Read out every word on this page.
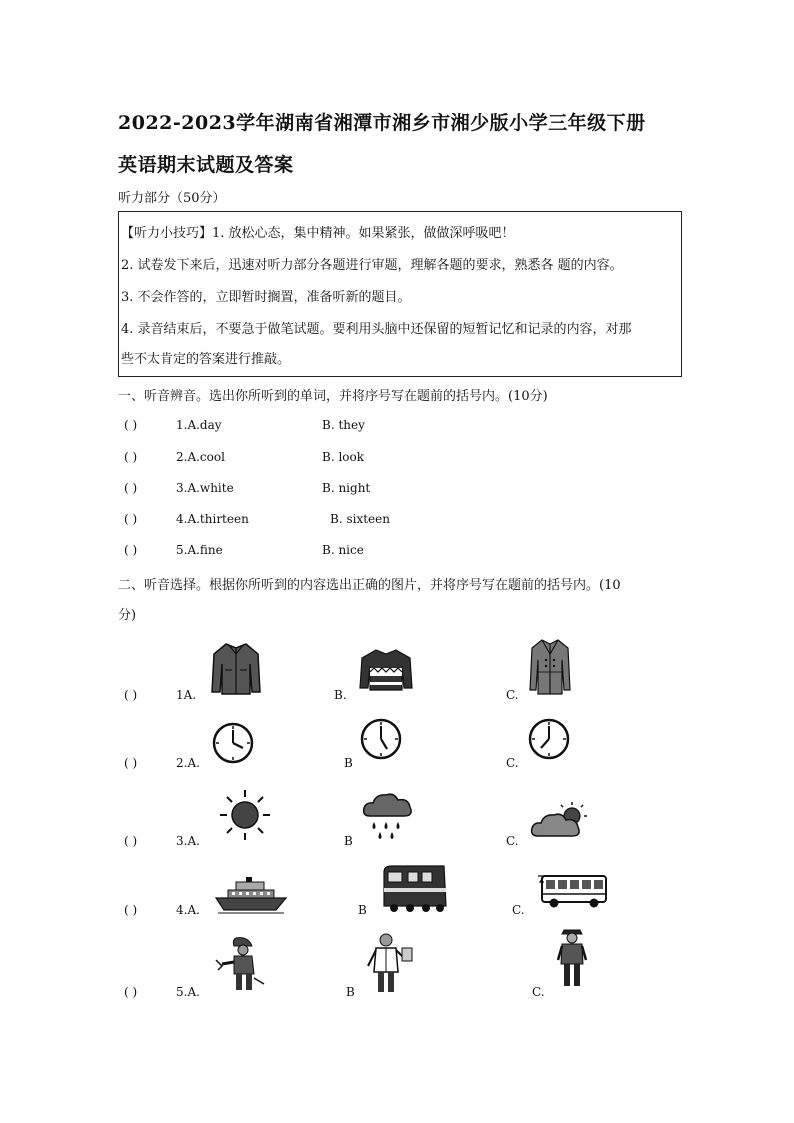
2022-2023学年湖南省湘潭市湘乡市湘少版小学三年级下册
英语期末试题及答案
听力部分（50分）
【听力小技巧】1. 放松心态，集中精神。如果紧张，做做深呼吸吧！
2. 试卷发下来后，迅速对听力部分各题进行审题，理解各题的要求，熟悉各 题的内容。
3. 不会作答的，立即暂时搁置，准备听新的题目。
4. 录音结束后，不要急于做笔试题。要利用头脑中还保留的短暂记忆和记录的内容，对那
些不太肯定的答案进行推敲。
一、听音辨音。选出你所听到的单词，并将序号写在题前的括号内。(10分)
( )	1.A.day	B. they
( )	2.A.cool	B. look
( )	3.A.white	B. night
( )	4.A.thirteen	B. sixteen
( )	5.A.fine	B. nice
二、听音选择。根据你所听到的内容选出正确的图片，并将序号写在题前的括号内。(10
分)
( )	1A.	B.	C.
( )	2.A.	B	C.
( )	3.A.	B	C.
( )	4.A.	B	C.
( )	5.A.	B	C.
